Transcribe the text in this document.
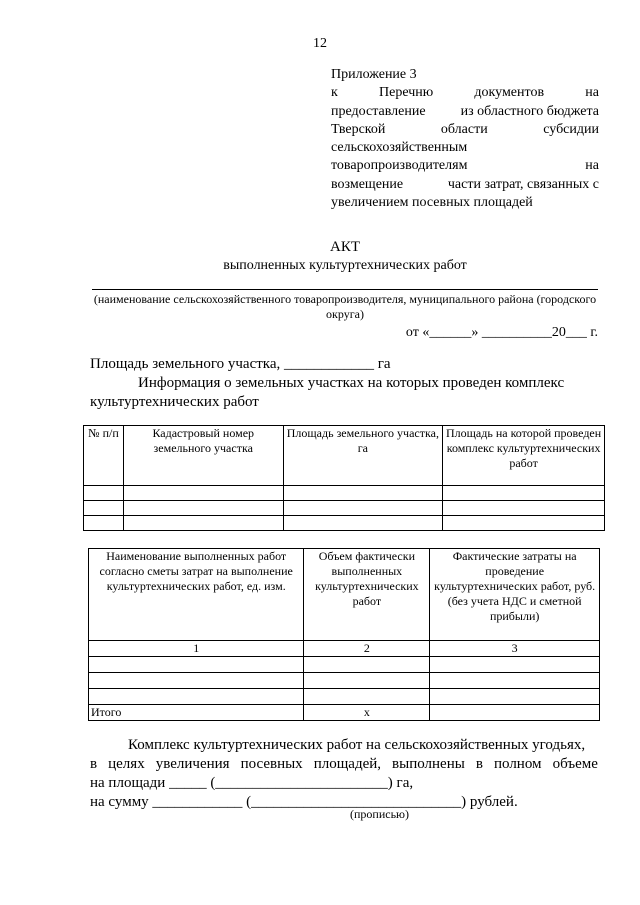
12
Приложение 3
к	Перечню	документов	на
предоставление	из областного бюджета
Тверской	области	субсидии
сельскохозяйственным
товаропроизводителям	на
возмещение	части затрат, связанных с
увеличением посевных площадей
АКТ
выполненных культуртехнических работ
(наименование сельскохозяйственного товаропроизводителя, муниципального района (городского округа)
от «______» __________20___ г.
Площадь земельного участка, ____________ га
Информация о земельных участках на которых проведен комплекс культуртехнических работ
№ п/п	Кадастровый номер земельного участка	Площадь земельного участка, га	Площадь на которой проведен комплекс культуртехнических работ

Наименование выполненных работ согласно сметы затрат на выполнение культуртехнических работ, ед. изм.	Объем фактически выполненных культуртехнических работ	Фактические затраты на проведение культуртехнических работ, руб. (без учета НДС и сметной прибыли)
1	2	3

Итого	х	
Комплекс культуртехнических работ на сельскохозяйственных угодьях,
в целях увеличения посевных площадей, выполнены в полном объеме
на площади _____ (_______________________) га,
на сумму ____________ (____________________________) рублей.
(прописью)
